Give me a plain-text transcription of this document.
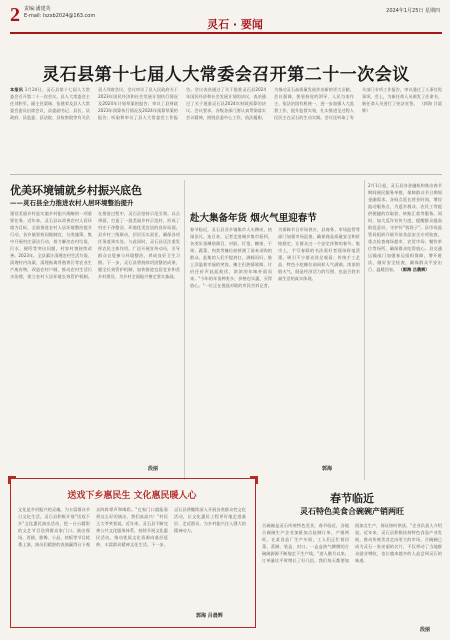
2 责编:潘建英
E-mail: lszxb2024@163.com
灵石 · 要闻
2024年1月25日 星期四
灵石县第十七届人大常委会召开第二十一次会议
本报讯 1月24日，灵石县第十七届人大常委会召开第二十一次会议。县人大常委会主任刘积军，副主任梁瑞、张建荣及县人大常委会委员出席会议，县委副书记、县长、县政府、县监委、县法院、县检察院等有关负责人列席会议。会议审议了县人民政府关于2023年国民经济和社会发展计划执行情况及2024年计划草案的报告；审议了县财政2023年预算执行情况及2024年预算草案的报告；听取和审议了县人大常委会工作报告。会议表决通过了关于批准灵石县2024年国民经济和社会发展计划的决议，表决通过了关于批准灵石县2024年财政预算的决议。会议要求，各级各部门要认真贯彻落实会议精神，围绕县委中心工作，依法履职，为推动灵石高质量发展作出新的更大贡献。会议强调，要坚持党的领导、人民当家作主、依法治国有机统一，进一步加强人大监督工作，提升监督实效，扎实推进全过程人民民主在灵石的生动实践。会议还听取了有关部门专项工作报告，审议通过了人事任免事项。会上，为新任命人员颁发了任命书，新任命人员进行了宪法宣誓。 （郭海 吕晨辉）
优美环境铺就乡村振兴底色
——灵石县全力推进农村人居环境整治提升
建设美丽乡村是实施乡村振兴战略的一项重要任务。近年来，灵石县以改善农村人居环境为目标，全面推进农村人居环境整治提升行动，各乡镇坚持因地制宜、分类施策，集中开展村庄清洁行动，着力解决农村垃圾、污水、厕所等突出问题，村容村貌持续改善。2023年，全县累计清理农村生活垃圾、清理村内沟渠、清理畜禽养殖粪污等农业生产废弃物，改造农村户厕，推动农村生活污水治理，建立农村人居环境长效管护机制。在推进过程中，灵石县坚持示范引领、以点带面，打造了一批美丽乡村示范村，形成了村庄干净整洁、环境优美宜居的良好局面。县乡村三级联动，层层压实责任，确保各项任务落到实处。与此同时，灵石县还注重发挥农民主体作用，广泛开展宣传动员，引导群众自觉参与环境整治，养成良好卫生习惯。下一步，灵石县将持续巩固整治成果，健全长效管护机制，加快推进宜居宜业和美乡村建设，为乡村全面振兴奠定坚实基础。
段丽
赴大集备年货 烟火气里迎春节
春节临近，灵石县各乡镇集市人头攒动、热闹非凡。连日来，记者走进城乡集市看到，各类年货琳琅满目，对联、灯笼、糖果、干果、蔬菜、肉类等摊位前挤满了前来采购的群众。赶集的人们手提肩扛，满载而归，脸上洋溢着幸福的笑容。摊主们热情吆喝，讨价还价声此起彼伏，浓浓的年味扑面而来。"今年的年货种类多，价格也实惠，买得放心。"一位正在挑选对联的市民告诉记者。为保障节日市场供应，县商务、市场监管等部门加强市场巡查，确保商品质量安全和价格稳定，让群众过一个安定祥和的春节。集市上，手写春联的书法爱好者现场挥毫泼墨，吸引不少群众驻足观看；传统手工艺品、特色小吃摊位前同样人气满满。浓浓的烟火气，既是经济活力的写照，也是百姓幸福生活的真实体现。
郭海
2月1日起，灵石县各金融机构推出春节期间便民服务举措，保障群众节日期间金融需求。各网点延长营业时间，增设流动服务点，为返乡群众、农民工等提供便捷的存取款、转账汇款等服务。同时，加大反诈宣传力度，提醒群众提高防范意识，守护好"钱袋子"。县市场监管局组织开展节前食品安全专项检查，重点检查商场超市、农贸市场、餐饮单位等场所，确保群众吃得放心。县交通运输部门加强春运组织保障，增开班次，做好安全检查，确保群众平安出行、温暖回家。 （郭海 吕晨辉）
送戏下乡惠民生 文化惠民暖人心
文化是乡村振兴的灵魂。为丰富群众节日文化生活，灵石县积极开展"送戏下乡"文化惠民演出活动，把一台台精彩的文艺节目送到群众家门口。演出现场，晋剧、歌舞、小品、快板等节目轮番上演，演员们精湛的表演赢得台下观众阵阵掌声和喝彩。"在家门口就能看到这么好的演出，我们真高兴！"村民王大爷笑着说。近年来，灵石县不断完善公共文化服务体系，持续开展文化惠民活动，推动优质文化资源向基层延伸，丰富群众精神文化生活。下一步，灵石县将继续深入开展各类群众性文化活动，让文化惠民工程更好地走进基层、走近群众，为乡村振兴注入强大的精神动力。
郭海 吕晨辉
春节临近
灵石特色美食合碗碗产销两旺
合碗碗是灵石传统特色美食，春节临近，各地合碗碗生产企业加班加点赶制订单，产销两旺。在某食品厂生产车间，工人们正忙着切菜、蒸制、装盒、封口，一盒盒热气腾腾的合碗碗源源不断地走下生产线。"进入腊月以来，订单量比平时增长了好几倍，我们每天都要加班加点生产，保证按时供货。"企业负责人介绍说。近年来，灵石县积极扶持特色食品产业发展，推动传统美食走向更大的市场，合碗碗已成为灵石一张亮丽的名片，不仅带动了当地群众就业增收，也让越来越多的人品尝到灵石的味道。
段丽
